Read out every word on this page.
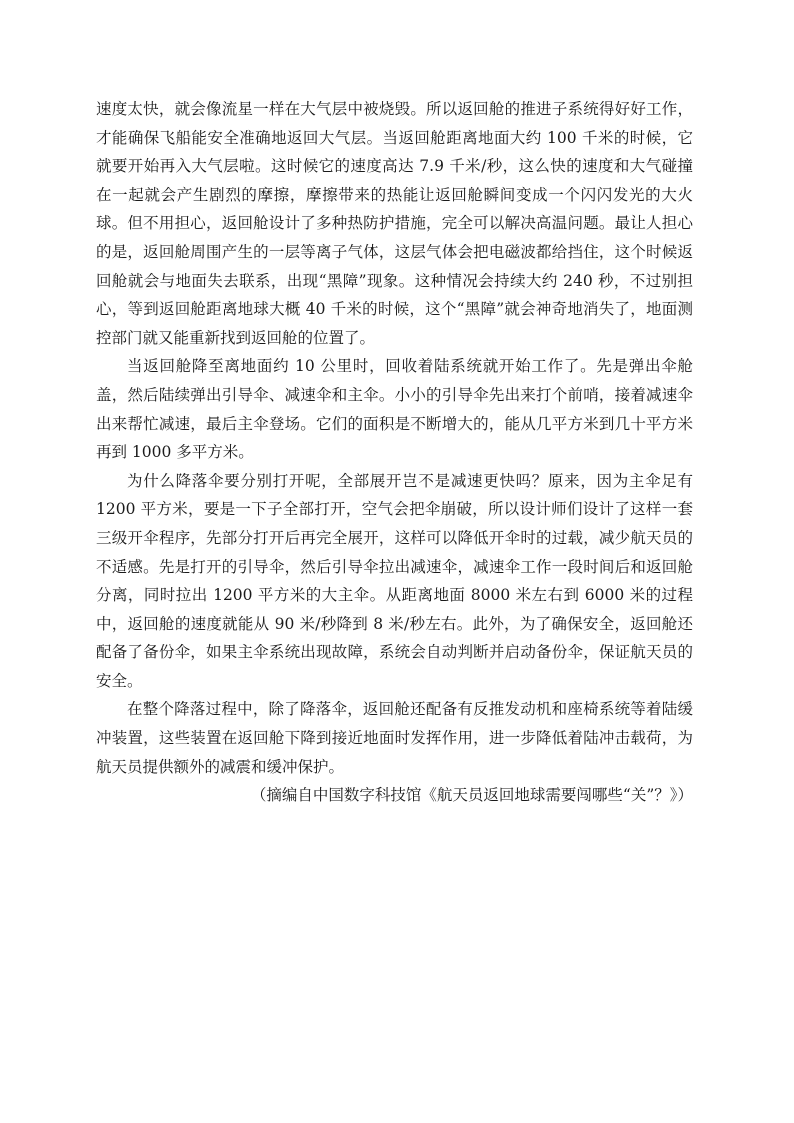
速度太快，就会像流星一样在大气层中被烧毁。所以返回舱的推进子系统得好好工作，才能确保飞船能安全准确地返回大气层。当返回舱距离地面大约 100 千米的时候，它就要开始再入大气层啦。这时候它的速度高达 7.9 千米/秒，这么快的速度和大气碰撞在一起就会产生剧烈的摩擦，摩擦带来的热能让返回舱瞬间变成一个闪闪发光的大火球。但不用担心，返回舱设计了多种热防护措施，完全可以解决高温问题。最让人担心的是，返回舱周围产生的一层等离子气体，这层气体会把电磁波都给挡住，这个时候返回舱就会与地面失去联系，出现“黑障”现象。这种情况会持续大约 240 秒，不过别担心，等到返回舱距离地球大概 40 千米的时候，这个“黑障”就会神奇地消失了，地面测控部门就又能重新找到返回舱的位置了。

当返回舱降至离地面约 10 公里时，回收着陆系统就开始工作了。先是弹出伞舱盖，然后陆续弹出引导伞、减速伞和主伞。小小的引导伞先出来打个前哨，接着减速伞出来帮忙减速，最后主伞登场。它们的面积是不断增大的，能从几平方米到几十平方米再到 1000 多平方米。

为什么降落伞要分别打开呢，全部展开岂不是减速更快吗？原来，因为主伞足有 1200 平方米，要是一下子全部打开，空气会把伞崩破，所以设计师们设计了这样一套三级开伞程序，先部分打开后再完全展开，这样可以降低开伞时的过载，减少航天员的不适感。先是打开的引导伞，然后引导伞拉出减速伞，减速伞工作一段时间后和返回舱分离，同时拉出 1200 平方米的大主伞。从距离地面 8000 米左右到 6000 米的过程中，返回舱的速度就能从 90 米/秒降到 8 米/秒左右。此外，为了确保安全，返回舱还配备了备份伞，如果主伞系统出现故障，系统会自动判断并启动备份伞，保证航天员的安全。

在整个降落过程中，除了降落伞，返回舱还配备有反推发动机和座椅系统等着陆缓冲装置，这些装置在返回舱下降到接近地面时发挥作用，进一步降低着陆冲击载荷，为航天员提供额外的减震和缓冲保护。

（摘编自中国数字科技馆《航天员返回地球需要闯哪些“关”？》）
